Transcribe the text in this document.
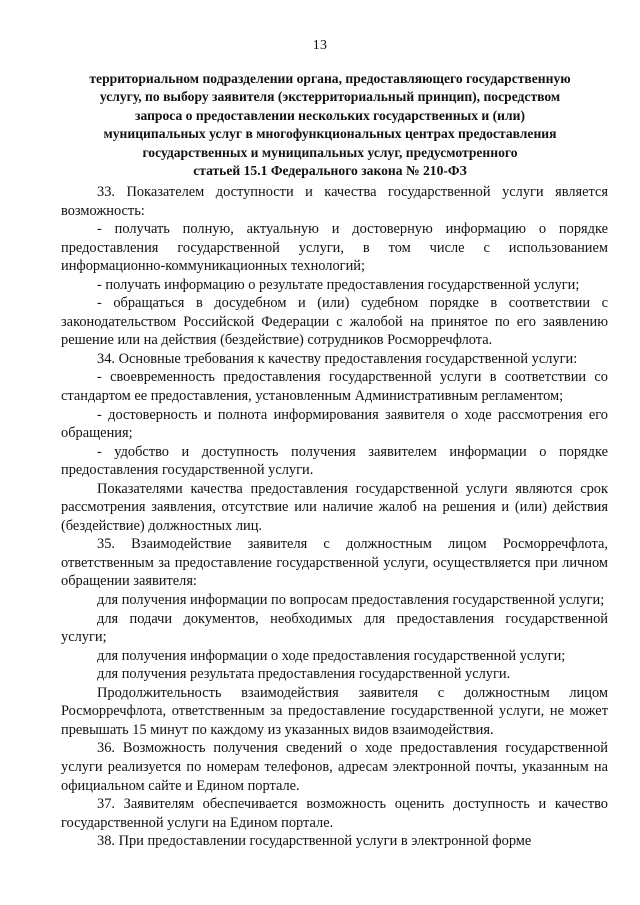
13
территориальном подразделении органа, предоставляющего государственную
услугу, по выбору заявителя (экстерриториальный принцип), посредством
запроса о предоставлении нескольких государственных и (или)
муниципальных услуг в многофункциональных центрах предоставления
государственных и муниципальных услуг, предусмотренного
статьей 15.1 Федерального закона № 210-ФЗ

33. Показателем доступности и качества государственной услуги является возможность:

- получать полную, актуальную и достоверную информацию о порядке предоставления государственной услуги, в том числе с использованием информационно-коммуникационных технологий;

- получать информацию о результате предоставления государственной услуги;

- обращаться в досудебном и (или) судебном порядке в соответствии с законодательством Российской Федерации с жалобой на принятое по его заявлению решение или на действия (бездействие) сотрудников Росморречфлота.

34. Основные требования к качеству предоставления государственной услуги:

- своевременность предоставления государственной услуги в соответствии со стандартом ее предоставления, установленным Административным регламентом;

- достоверность и полнота информирования заявителя о ходе рассмотрения его обращения;

- удобство и доступность получения заявителем информации о порядке предоставления государственной услуги.

Показателями качества предоставления государственной услуги являются срок рассмотрения заявления, отсутствие или наличие жалоб на решения и (или) действия (бездействие) должностных лиц.

35. Взаимодействие заявителя с должностным лицом Росморречфлота, ответственным за предоставление государственной услуги, осуществляется при личном обращении заявителя:

для получения информации по вопросам предоставления государственной услуги;

для подачи документов, необходимых для предоставления государственной услуги;

для получения информации о ходе предоставления государственной услуги;

для получения результата предоставления государственной услуги.

Продолжительность взаимодействия заявителя с должностным лицом Росморречфлота, ответственным за предоставление государственной услуги, не может превышать 15 минут по каждому из указанных видов взаимодействия.

36. Возможность получения сведений о ходе предоставления государственной услуги реализуется по номерам телефонов, адресам электронной почты, указанным на официальном сайте и Едином портале.

37. Заявителям обеспечивается возможность оценить доступность и качество государственной услуги на Едином портале.

38. При предоставлении государственной услуги в электронной форме
